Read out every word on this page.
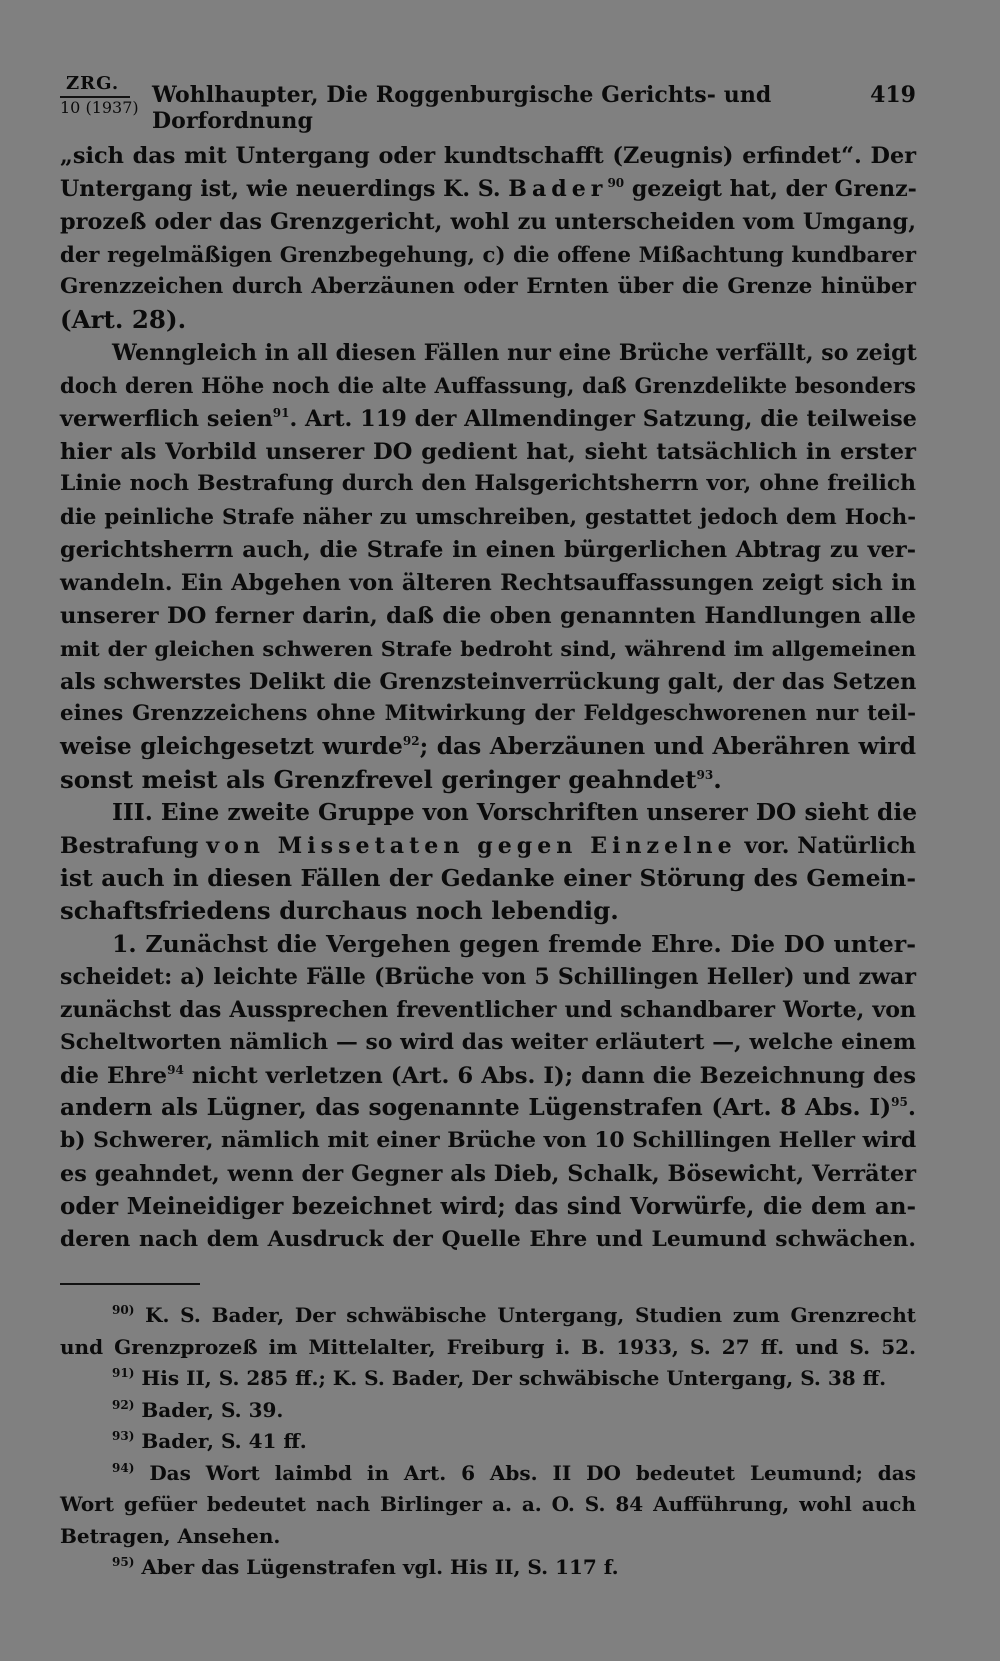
ZRG.
10 (1937) Wohlhaupter, Die Roggenburgische Gerichts- und Dorfordnung
419
„sich das mit Untergang oder kundtschafft (Zeugnis) erfindet“. Der
Untergang ist, wie neuerdings K. S. Bader$^{90}$ gezeigt hat, der Grenz-
prozeß oder das Grenzgericht, wohl zu unterscheiden vom Umgang,
der regelmäßigen Grenzbegehung, c) die offene Mißachtung kundbarer
Grenzzeichen durch Aberzäunen oder Ernten über die Grenze hinüber
(Art. 28).
Wenngleich in all diesen Fällen nur eine Brüche verfällt, so zeigt
doch deren Höhe noch die alte Auffassung, daß Grenzdelikte besonders
verwerflich seien$^{91}$. Art. 119 der Allmendinger Satzung, die teilweise
hier als Vorbild unserer DO gedient hat, sieht tatsächlich in erster
Linie noch Bestrafung durch den Halsgerichtsherrn vor, ohne freilich
die peinliche Strafe näher zu umschreiben, gestattet jedoch dem Hoch-
gerichtsherrn auch, die Strafe in einen bürgerlichen Abtrag zu ver-
wandeln. Ein Abgehen von älteren Rechtsauffassungen zeigt sich in
unserer DO ferner darin, daß die oben genannten Handlungen alle
mit der gleichen schweren Strafe bedroht sind, während im allgemeinen
als schwerstes Delikt die Grenzsteinverrückung galt, der das Setzen
eines Grenzzeichens ohne Mitwirkung der Feldgeschworenen nur teil-
weise gleichgesetzt wurde$^{92}$; das Aberzäunen und Aberähren wird
sonst meist als Grenzfrevel geringer geahndet$^{93}$.
III. Eine zweite Gruppe von Vorschriften unserer DO sieht die
Bestrafung von Missetaten gegen Einzelne vor. Natürlich
ist auch in diesen Fällen der Gedanke einer Störung des Gemein-
schaftsfriedens durchaus noch lebendig.
1. Zunächst die Vergehen gegen fremde Ehre. Die DO unter-
scheidet: a) leichte Fälle (Brüche von 5 Schillingen Heller) und zwar
zunächst das Aussprechen freventlicher und schandbarer Worte, von
Scheltworten nämlich — so wird das weiter erläutert —, welche einem
die Ehre$^{94}$ nicht verletzen (Art. 6 Abs. I); dann die Bezeichnung des
andern als Lügner, das sogenannte Lügenstrafen (Art. 8 Abs. I)$^{95}$.
b) Schwerer, nämlich mit einer Brüche von 10 Schillingen Heller wird
es geahndet, wenn der Gegner als Dieb, Schalk, Bösewicht, Verräter
oder Meineidiger bezeichnet wird; das sind Vorwürfe, die dem an-
deren nach dem Ausdruck der Quelle Ehre und Leumund schwächen.
$^{90)}$ K. S. Bader, Der schwäbische Untergang, Studien zum Grenzrecht
und Grenzprozeß im Mittelalter, Freiburg i. B. 1933, S. 27 ff. und S. 52.
$^{91)}$ His II, S. 285 ff.; K. S. Bader, Der schwäbische Untergang, S. 38 ff.
$^{92)}$ Bader, S. 39.
$^{93)}$ Bader, S. 41 ff.
$^{94)}$ Das Wort laimbd in Art. 6 Abs. II DO bedeutet Leumund; das
Wort gefüer bedeutet nach Birlinger a. a. O. S. 84 Aufführung, wohl auch
Betragen, Ansehen.
$^{95)}$ Aber das Lügenstrafen vgl. His II, S. 117 f.
